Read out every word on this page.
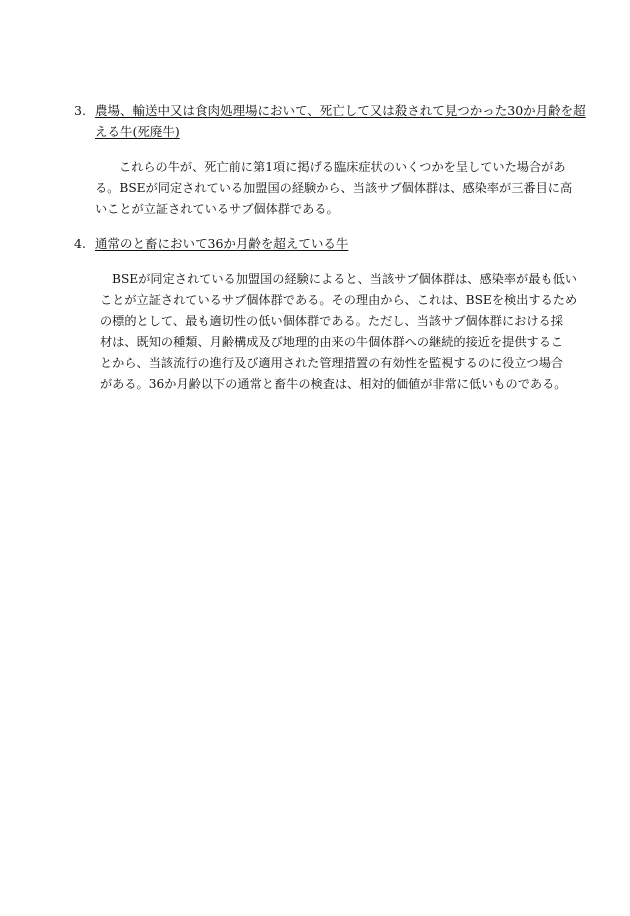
3. 農場、輸送中又は食肉処理場において、死亡して又は殺されて見つかった30か月齢を超
える牛(死廃牛)
これらの牛が、死亡前に第1項に掲げる臨床症状のいくつかを呈していた場合があ
る。BSEが同定されている加盟国の経験から、当該サブ個体群は、感染率が三番目に高
いことが立証されているサブ個体群である。
4. 通常のと畜において36か月齢を超えている牛
BSEが同定されている加盟国の経験によると、当該サブ個体群は、感染率が最も低い
ことが立証されているサブ個体群である。その理由から、これは、BSEを検出するため
の標的として、最も適切性の低い個体群である。ただし、当該サブ個体群における採
材は、既知の種類、月齢構成及び地理的由来の牛個体群への継続的接近を提供するこ
とから、当該流行の進行及び適用された管理措置の有効性を監視するのに役立つ場合
がある。36か月齢以下の通常と畜牛の検査は、相対的価値が非常に低いものである。
